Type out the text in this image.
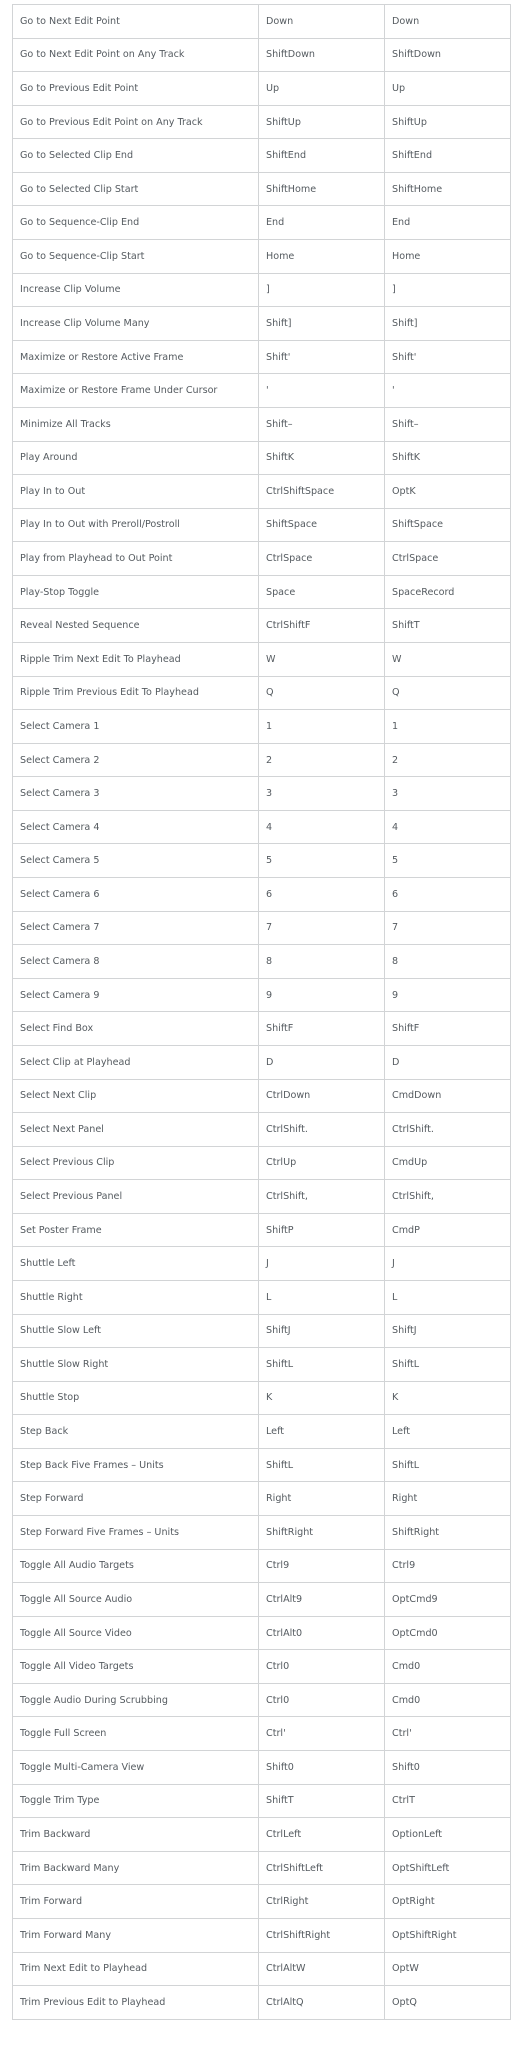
Go to Next Edit Point	Down	Down
Go to Next Edit Point on Any Track	ShiftDown	ShiftDown
Go to Previous Edit Point	Up	Up
Go to Previous Edit Point on Any Track	ShiftUp	ShiftUp
Go to Selected Clip End	ShiftEnd	ShiftEnd
Go to Selected Clip Start	ShiftHome	ShiftHome
Go to Sequence-Clip End	End	End
Go to Sequence-Clip Start	Home	Home
Increase Clip Volume	]	]
Increase Clip Volume Many	Shift]	Shift]
Maximize or Restore Active Frame	Shift'	Shift'
Maximize or Restore Frame Under Cursor	'	'
Minimize All Tracks	Shift–	Shift–
Play Around	ShiftK	ShiftK
Play In to Out	CtrlShiftSpace	OptK
Play In to Out with Preroll/Postroll	ShiftSpace	ShiftSpace
Play from Playhead to Out Point	CtrlSpace	CtrlSpace
Play-Stop Toggle	Space	SpaceRecord
Reveal Nested Sequence	CtrlShiftF	ShiftT
Ripple Trim Next Edit To Playhead	W	W
Ripple Trim Previous Edit To Playhead	Q	Q
Select Camera 1	1	1
Select Camera 2	2	2
Select Camera 3	3	3
Select Camera 4	4	4
Select Camera 5	5	5
Select Camera 6	6	6
Select Camera 7	7	7
Select Camera 8	8	8
Select Camera 9	9	9
Select Find Box	ShiftF	ShiftF
Select Clip at Playhead	D	D
Select Next Clip	CtrlDown	CmdDown
Select Next Panel	CtrlShift.	CtrlShift.
Select Previous Clip	CtrlUp	CmdUp
Select Previous Panel	CtrlShift,	CtrlShift,
Set Poster Frame	ShiftP	CmdP
Shuttle Left	J	J
Shuttle Right	L	L
Shuttle Slow Left	ShiftJ	ShiftJ
Shuttle Slow Right	ShiftL	ShiftL
Shuttle Stop	K	K
Step Back	Left	Left
Step Back Five Frames – Units	ShiftL	ShiftL
Step Forward	Right	Right
Step Forward Five Frames – Units	ShiftRight	ShiftRight
Toggle All Audio Targets	Ctrl9	Ctrl9
Toggle All Source Audio	CtrlAlt9	OptCmd9
Toggle All Source Video	CtrlAlt0	OptCmd0
Toggle All Video Targets	Ctrl0	Cmd0
Toggle Audio During Scrubbing	Ctrl0	Cmd0
Toggle Full Screen	Ctrl'	Ctrl'
Toggle Multi-Camera View	Shift0	Shift0
Toggle Trim Type	ShiftT	CtrlT
Trim Backward	CtrlLeft	OptionLeft
Trim Backward Many	CtrlShiftLeft	OptShiftLeft
Trim Forward	CtrlRight	OptRight
Trim Forward Many	CtrlShiftRight	OptShiftRight
Trim Next Edit to Playhead	CtrlAltW	OptW
Trim Previous Edit to Playhead	CtrlAltQ	OptQ
